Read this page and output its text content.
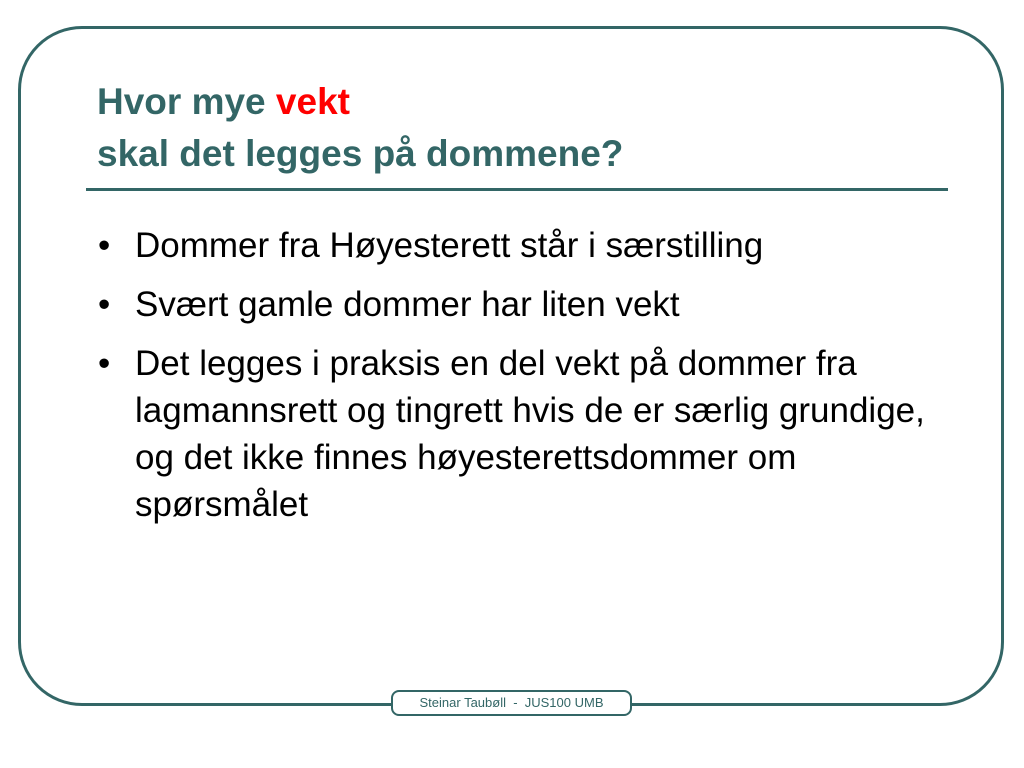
Hvor mye vekt
skal det legges på dommene?
• Dommer fra Høyesterett står i særstilling
• Svært gamle dommer har liten vekt
• Det legges i praksis en del vekt på dommer fra lagmannsrett og tingrett hvis de er særlig grundige, og det ikke finnes høyesterettsdommer om spørsmålet
Steinar Taubøll  -  JUS100 UMB
